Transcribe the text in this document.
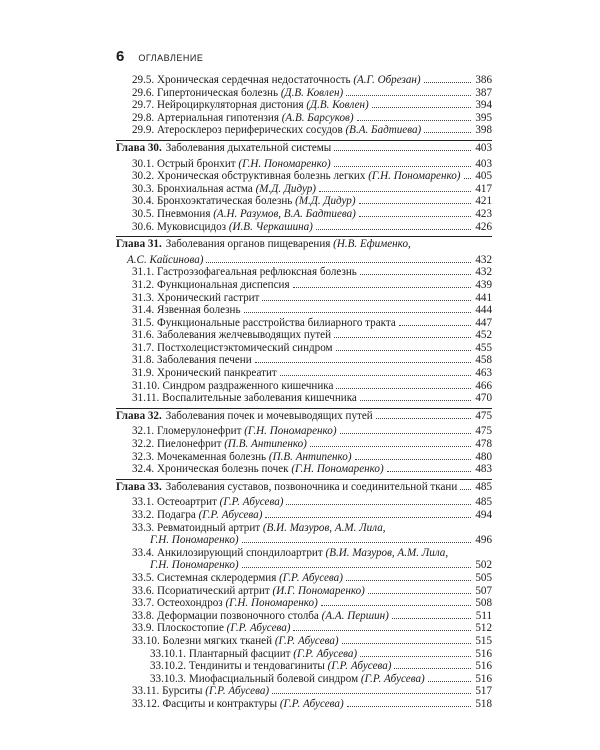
6 ОГЛАВЛЕНИЕ
29.5. Хроническая сердечная недостаточность (А.Г. Обрезан)	386
29.6. Гипертоническая болезнь (Д.В. Ковлен)	387
29.7. Нейроциркуляторная дистония (Д.В. Ковлен)	394
29.8. Артериальная гипотензия (А.В. Барсуков)	395
29.9. Атеросклероз периферических сосудов (В.А. Бадтиева)	398
Глава 30. Заболевания дыхательной системы	403
30.1. Острый бронхит (Г.Н. Пономаренко)	403
30.2. Хроническая обструктивная болезнь легких (Г.Н. Пономаренко) 405
30.3. Бронхиальная астма (М.Д. Дидур)	417
30.4. Бронхоэктатическая болезнь (М.Д. Дидур)	421
30.5. Пневмония (А.Н. Разумов, В.А. Бадтиева)	423
30.6. Муковисцидоз (И.В. Черкашина)	426
Глава 31. Заболевания органов пищеварения (Н.В. Ефименко,
А.С. Кайсинова)	432
31.1. Гастроэзофагеальная рефлюксная болезнь	432
31.2. Функциональная диспепсия	439
31.3. Хронический гастрит	441
31.4. Язвенная болезнь	444
31.5. Функциональные расстройства билиарного тракта	447
31.6. Заболевания желчевыводящих путей	452
31.7. Постхолецистэктомический синдром	455
31.8. Заболевания печени	458
31.9. Хронический панкреатит	463
31.10. Синдром раздраженного кишечника	466
31.11. Воспалительные заболевания кишечника	470
Глава 32. Заболевания почек и мочевыводящих путей	475
32.1. Гломерулонефрит (Г.Н. Пономаренко)	475
32.2. Пиелонефрит (П.В. Антипенко)	478
32.3. Мочекаменная болезнь (П.В. Антипенко)	480
32.4. Хроническая болезнь почек (Г.Н. Пономаренко)	483
Глава 33. Заболевания суставов, позвоночника и соединительной ткани 485
33.1. Остеоартрит (Г.Р. Абусева)	485
33.2. Подагра (Г.Р. Абусева)	494
33.3. Ревматоидный артрит (В.И. Мазуров, А.М. Лила,
Г.Н. Пономаренко)	496
33.4. Анкилозирующий спондилоартрит (В.И. Мазуров, А.М. Лила,
Г.Н. Пономаренко)	502
33.5. Системная склеродермия (Г.Р. Абусева)	505
33.6. Псориатический артрит (И.Г. Пономаренко)	507
33.7. Остеохондроз (Г.Н. Пономаренко)	508
33.8. Деформации позвоночного столба (А.А. Першин)	511
33.9. Плоскостопие (Г.Р. Абусева)	512
33.10. Болезни мягких тканей (Г.Р. Абусева)	515
33.10.1. Плантарный фасциит (Г.Р. Абусева)	516
33.10.2. Тендиниты и тендовагиниты (Г.Р. Абусева)	516
33.10.3. Миофасциальный болевой синдром (Г.Р. Абусева)	516
33.11. Бурситы (Г.Р. Абусева)	517
33.12. Фасциты и контрактуры (Г.Р. Абусева)	518
